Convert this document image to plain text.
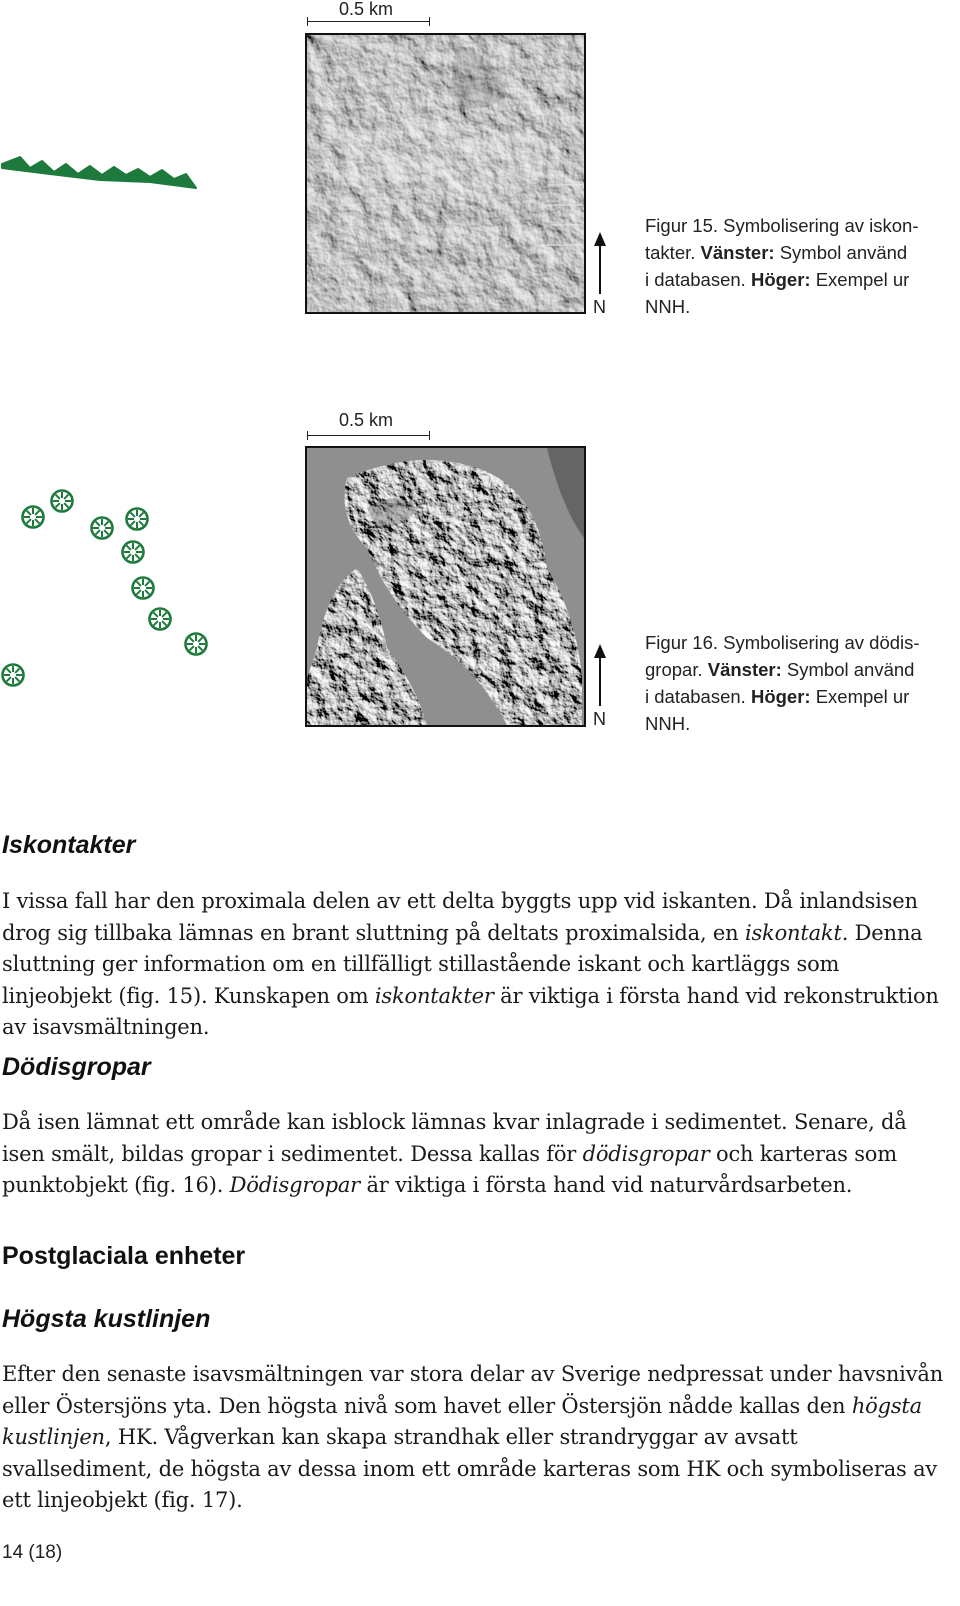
0.5 km
N
Figur 15. Symbolisering av iskon-
takter. Vänster: Symbol använd
i databasen. Höger: Exempel ur
NNH.
0.5 km
N
Figur 16. Symbolisering av dödis-
gropar. Vänster: Symbol använd
i databasen. Höger: Exempel ur
NNH.
Iskontakter
I vissa fall har den proximala delen av ett delta byggts upp vid iskanten. Då inlandsisen drog sig tillbaka lämnas en brant sluttning på deltats proximalsida, en iskontakt. Denna sluttning ger information om en tillfälligt stillastående iskant och kartläggs som linjeobjekt (fig. 15). Kunskapen om iskontakter är viktiga i första hand vid rekonstruktion av isavsmältningen.
Dödisgropar
Då isen lämnat ett område kan isblock lämnas kvar inlagrade i sedimentet. Senare, då isen smält, bildas gropar i sedimentet. Dessa kallas för dödisgropar och karteras som punktobjekt (fig. 16). Dödisgropar är viktiga i första hand vid naturvårdsarbeten.
Postglaciala enheter
Högsta kustlinjen
Efter den senaste isavsmältningen var stora delar av Sverige nedpressat under havsnivån eller Östersjöns yta. Den högsta nivå som havet eller Östersjön nådde kallas den högsta kustlinjen, HK. Vågverkan kan skapa strandhak eller strandryggar av avsatt svallsediment, de högsta av dessa inom ett område karteras som HK och symboliseras av ett linjeobjekt (fig. 17).
14 (18)
